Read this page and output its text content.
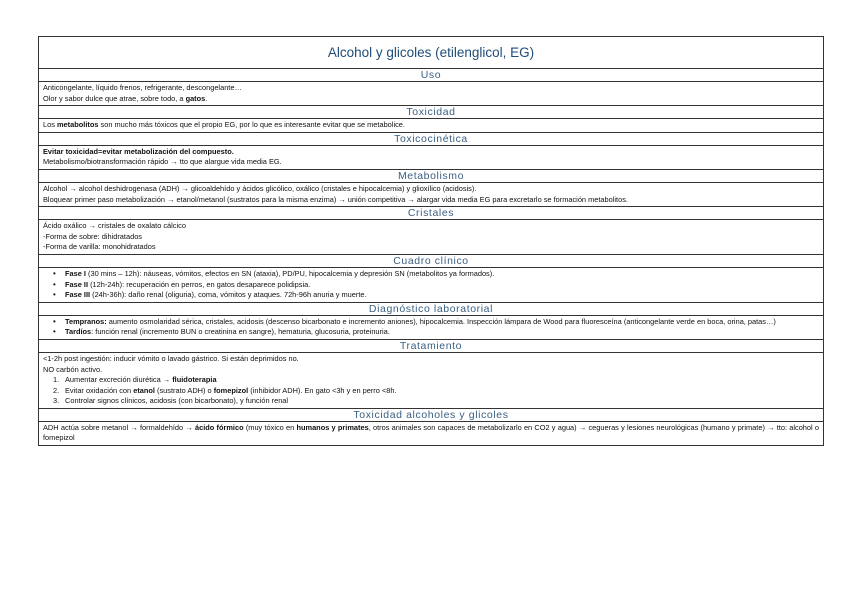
Alcohol y glicoles (etilenglicol, EG)
Uso
Anticongelante, líquido frenos, refrigerante, descongelante…
Olor y sabor dulce que atrae, sobre todo, a gatos.
Toxicidad
Los metabolitos son mucho más tóxicos que el propio EG, por lo que es interesante evitar que se metabolice.
Toxicocinética
Evitar toxicidad=evitar metabolización del compuesto.
Metabolismo/biotransformación rápido → tto que alargue vida media EG.
Metabolismo
Alcohol → alcohol deshidrogenasa (ADH) → glicoaldehído y ácidos glicólico, oxálico (cristales e hipocalcemia) y glioxílico (acidosis).
Bloquear primer paso metabolización → etanol/metanol (sustratos para la misma enzima) → unión competitiva → alargar vida media EG para excretarlo se formación metabolitos.
Cristales
Ácido oxálico → cristales de oxalato cálcico
-Forma de sobre: dihidratados
-Forma de varilla: monohidratados
Cuadro clínico
• Fase I (30 mins – 12h): náuseas, vómitos, efectos en SN (ataxia), PD/PU, hipocalcemia y depresión SN (metabolitos ya formados).
• Fase II (12h-24h): recuperación en perros, en gatos desaparece polidipsia.
• Fase III (24h-36h): daño renal (oliguria), coma, vómitos y ataques. 72h-96h anuria y muerte.
Diagnóstico laboratorial
• Tempranos: aumento osmolaridad sérica, cristales, acidosis (descenso bicarbonato e incremento aniones), hipocalcemia. Inspección lámpara de Wood para fluoresceína (anticongelante verde en boca, orina, patas…)
• Tardíos: función renal (incremento BUN o creatinina en sangre), hematuria, glucosuria, proteinuria.
Tratamiento
<1-2h post ingestión: inducir vómito o lavado gástrico. Si están deprimidos no.
NO carbón activo.
1. Aumentar excreción diurética → fluidoterapia
2. Evitar oxidación con etanol (sustrato ADH) o fomepizol (inhibidor ADH). En gato <3h y en perro <8h.
3. Controlar signos clínicos, acidosis (con bicarbonato), y función renal
Toxicidad alcoholes y glicoles
ADH actúa sobre metanol → formaldehído → ácido fórmico (muy tóxico en humanos y primates, otros animales son capaces de metabolizarlo en CO2 y agua) → cegueras y lesiones neurológicas (humano y primate) → tto: alcohol o fomepizol
